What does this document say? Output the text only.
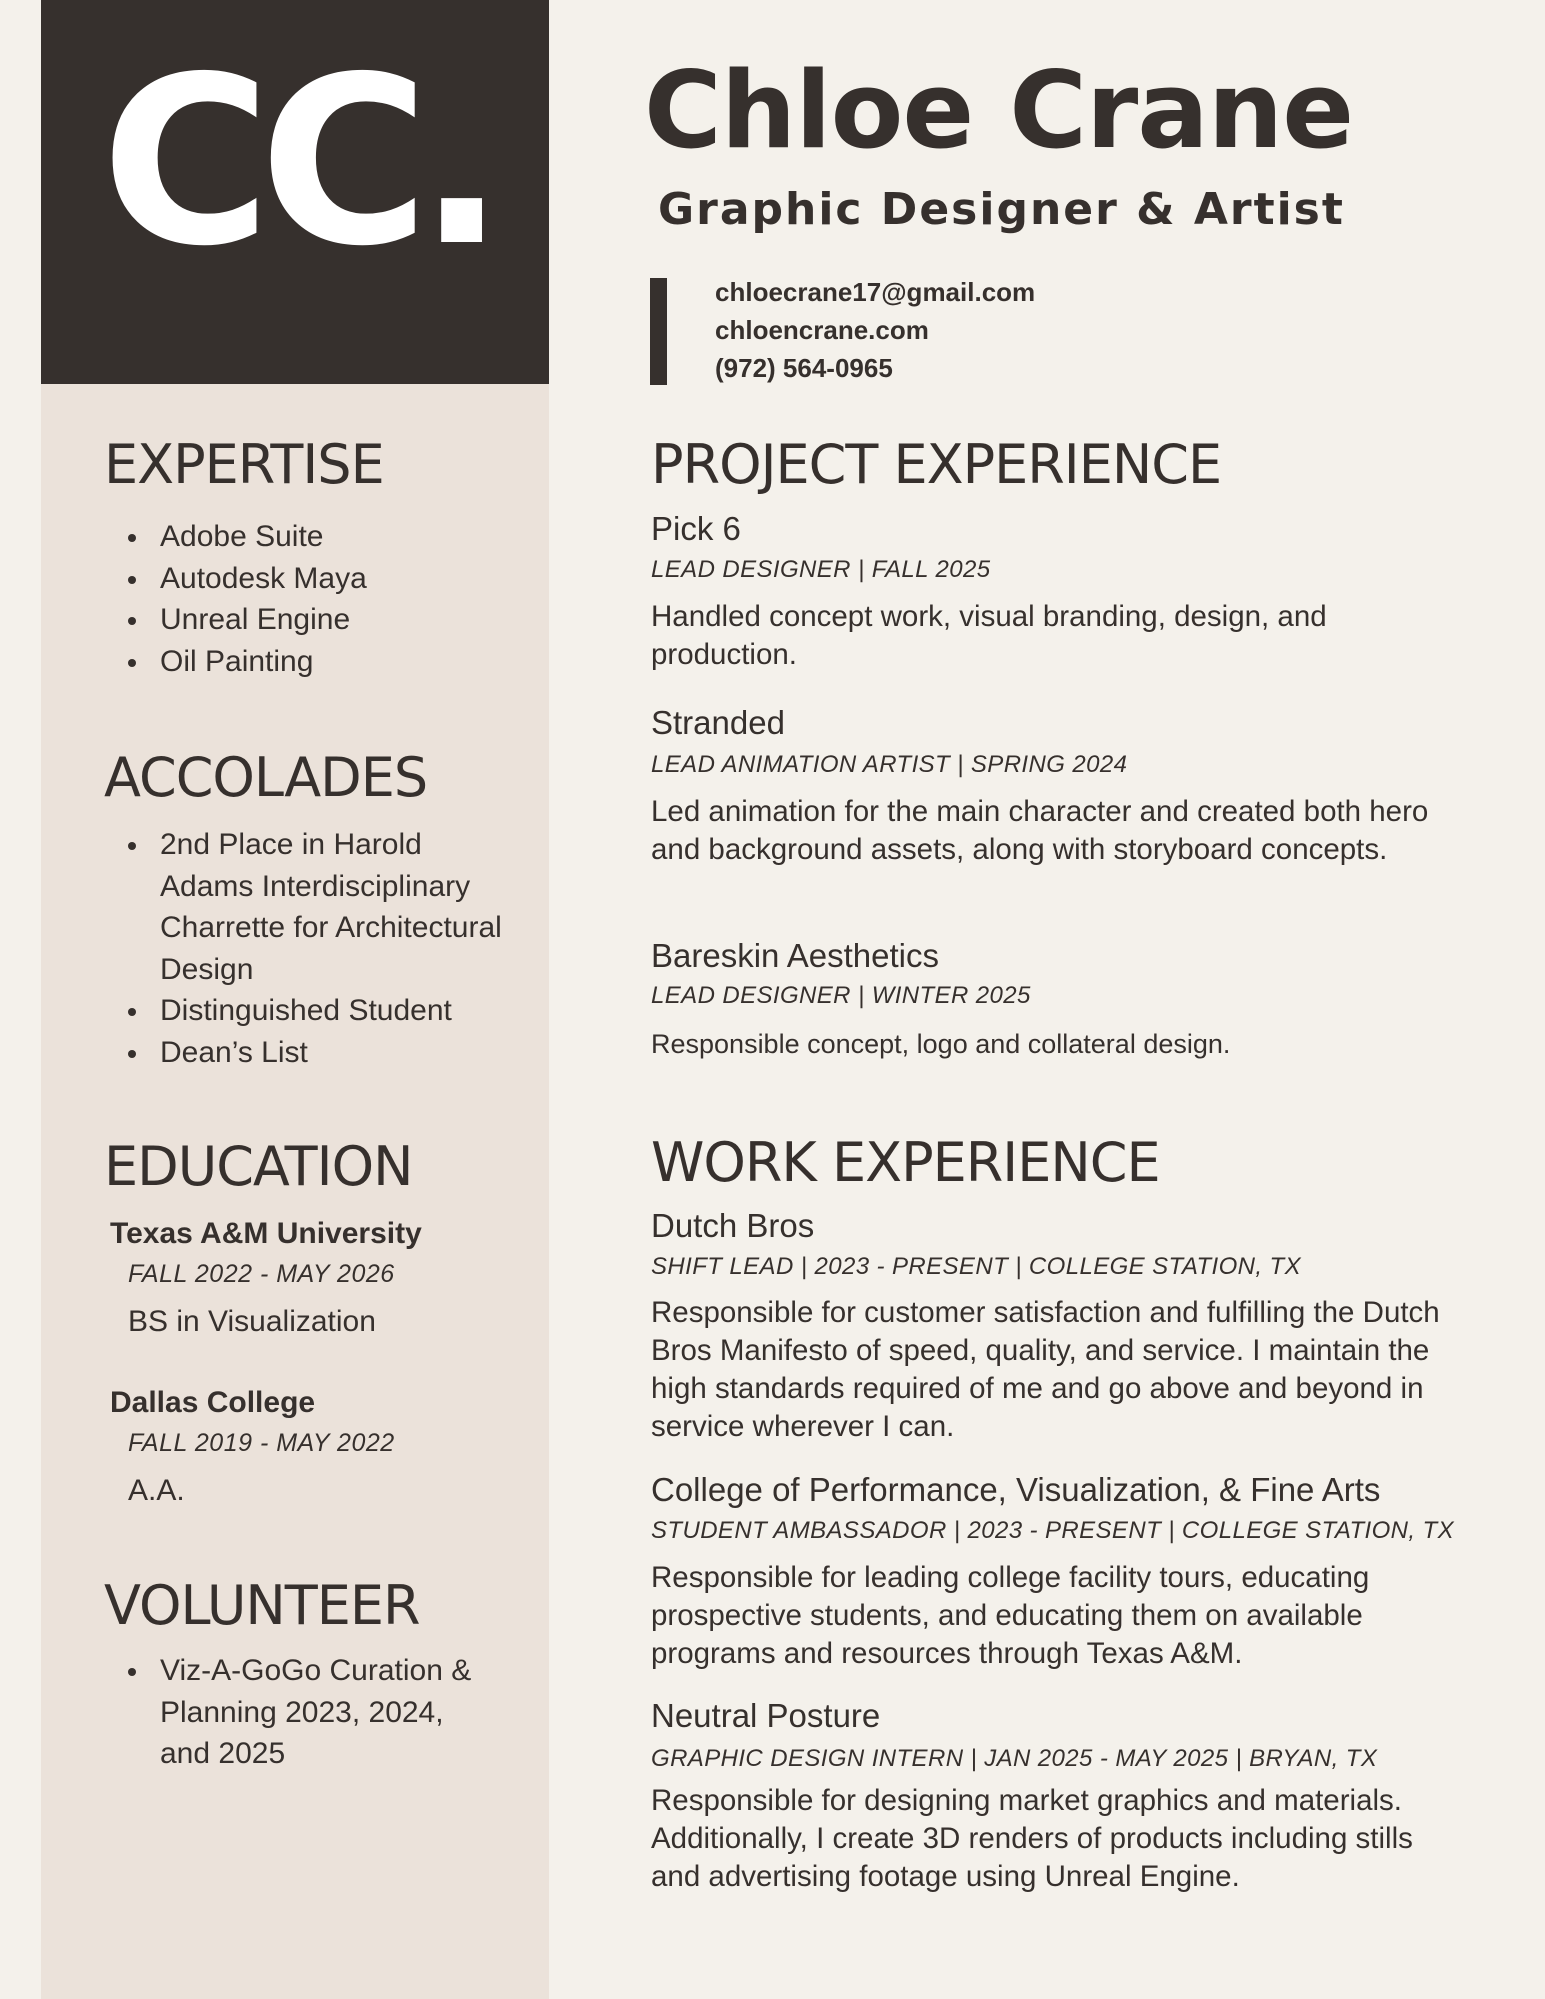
CC.
EXPERTISE
Adobe Suite
Autodesk Maya
Unreal Engine
Oil Painting
ACCOLADES
2nd Place in Harold Adams Interdisciplinary Charrette for Architectural Design
Distinguished Student
Dean’s List
EDUCATION
Texas A&M University
FALL 2022 - MAY 2026
BS in Visualization
Dallas College
FALL 2019 - MAY 2022
A.A.
VOLUNTEER
Viz-A-GoGo Curation & Planning 2023, 2024, and 2025
Chloe Crane
Graphic Designer & Artist
chloecrane17@gmail.com
chloencrane.com
(972) 564-0965
PROJECT EXPERIENCE
Pick 6
LEAD DESIGNER | FALL 2025
Handled concept work, visual branding, design, and production.
Stranded
LEAD ANIMATION ARTIST | SPRING 2024
Led animation for the main character and created both hero and background assets, along with storyboard concepts.
Bareskin Aesthetics
LEAD DESIGNER | WINTER 2025
Responsible concept, logo and collateral design.
WORK EXPERIENCE
Dutch Bros
SHIFT LEAD | 2023 - PRESENT | COLLEGE STATION, TX
Responsible for customer satisfaction and fulfilling the Dutch Bros Manifesto of speed, quality, and service. I maintain the high standards required of me and go above and beyond in service wherever I can.
College of Performance, Visualization, & Fine Arts
STUDENT AMBASSADOR | 2023 - PRESENT | COLLEGE STATION, TX
Responsible for leading college facility tours, educating prospective students, and educating them on available programs and resources through Texas A&M.
Neutral Posture
GRAPHIC DESIGN INTERN | JAN 2025 - MAY 2025 | BRYAN, TX
Responsible for designing market graphics and materials. Additionally, I create 3D renders of products including stills and advertising footage using Unreal Engine.
